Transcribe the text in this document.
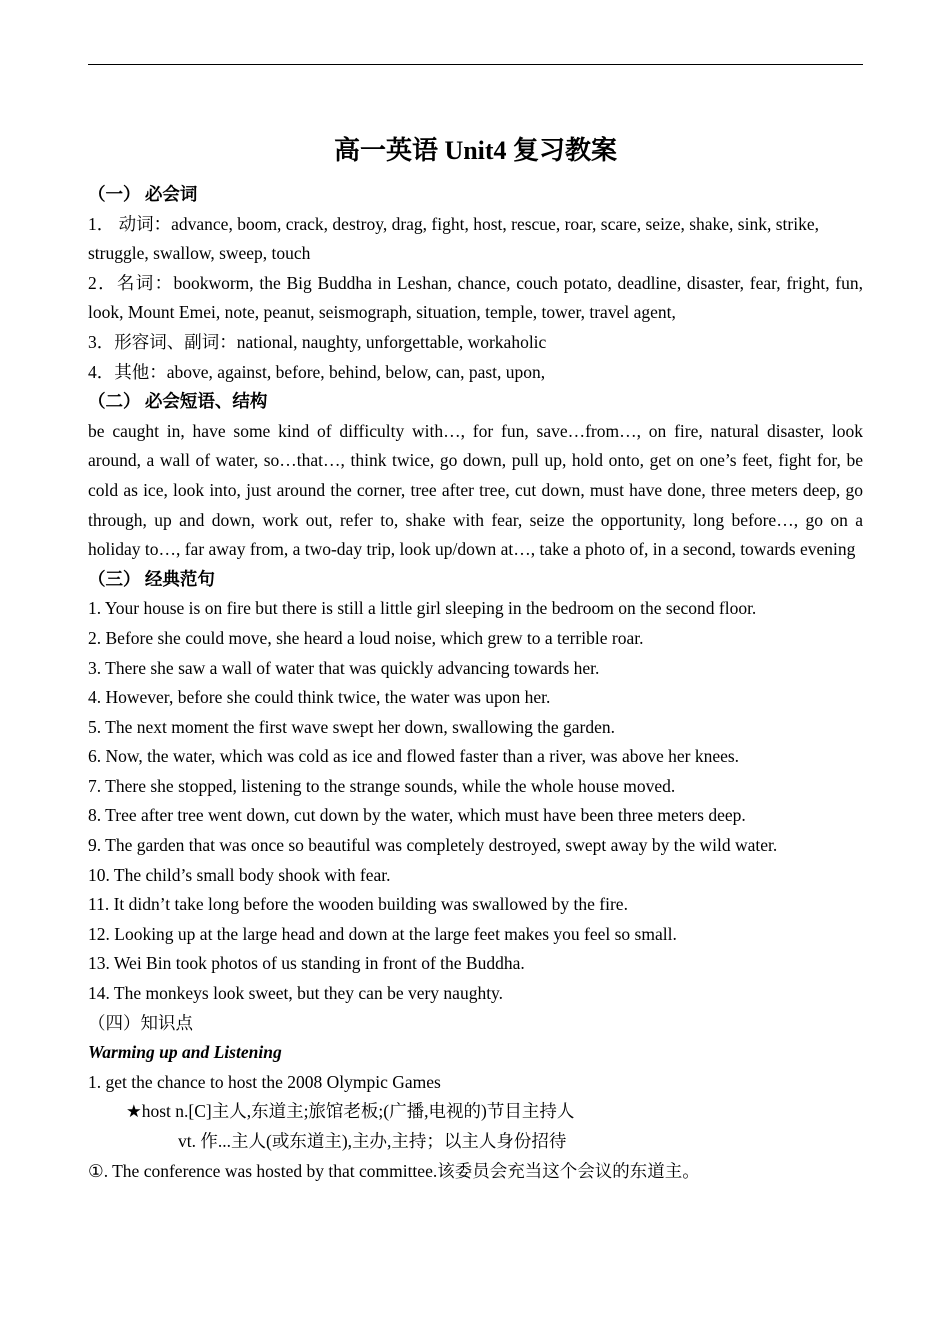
高一英语 Unit4 复习教案
（一） 必会词
1． 动词：advance, boom, crack, destroy, drag, fight, host, rescue, roar, scare, seize, shake, sink, strike, struggle, swallow, sweep, touch
2．名词：bookworm, the Big Buddha in Leshan, chance, couch potato, deadline, disaster, fear, fright, fun, look, Mount Emei, note, peanut, seismograph, situation, temple, tower, travel agent,
3．形容词、副词：national, naughty, unforgettable, workaholic
4．其他：above, against, before, behind, below, can, past, upon,
（二） 必会短语、结构
be caught in, have some kind of difficulty with…, for fun, save…from…, on fire, natural disaster, look around, a wall of water, so…that…, think twice, go down, pull up, hold onto, get on one’s feet, fight for, be cold as ice, look into, just around the corner, tree after tree, cut down, must have done, three meters deep, go through, up and down, work out, refer to, shake with fear, seize the opportunity, long before…, go on a holiday to…, far away from, a two-day trip, look up/down at…, take a photo of, in a second, towards evening
（三） 经典范句
1. Your house is on fire but there is still a little girl sleeping in the bedroom on the second floor.
2. Before she could move, she heard a loud noise, which grew to a terrible roar.
3. There she saw a wall of water that was quickly advancing towards her.
4. However, before she could think twice, the water was upon her.
5. The next moment the first wave swept her down, swallowing the garden.
6. Now, the water, which was cold as ice and flowed faster than a river, was above her knees.
7. There she stopped, listening to the strange sounds, while the whole house moved.
8. Tree after tree went down, cut down by the water, which must have been three meters deep.
9. The garden that was once so beautiful was completely destroyed, swept away by the wild water.
10. The child’s small body shook with fear.
11. It didn’t take long before the wooden building was swallowed by the fire.
12. Looking up at the large head and down at the large feet makes you feel so small.
13. Wei Bin took photos of us standing in front of the Buddha.
14. The monkeys look sweet, but they can be very naughty.
（四）知识点
Warming up and Listening
1. get the chance to host the 2008 Olympic Games
★host n.[C]主人,东道主;旅馆老板;(广播,电视的)节目主持人
vt. 作...主人(或东道主),主办,主持；以主人身份招待
①. The conference was hosted by that committee.该委员会充当这个会议的东道主。
